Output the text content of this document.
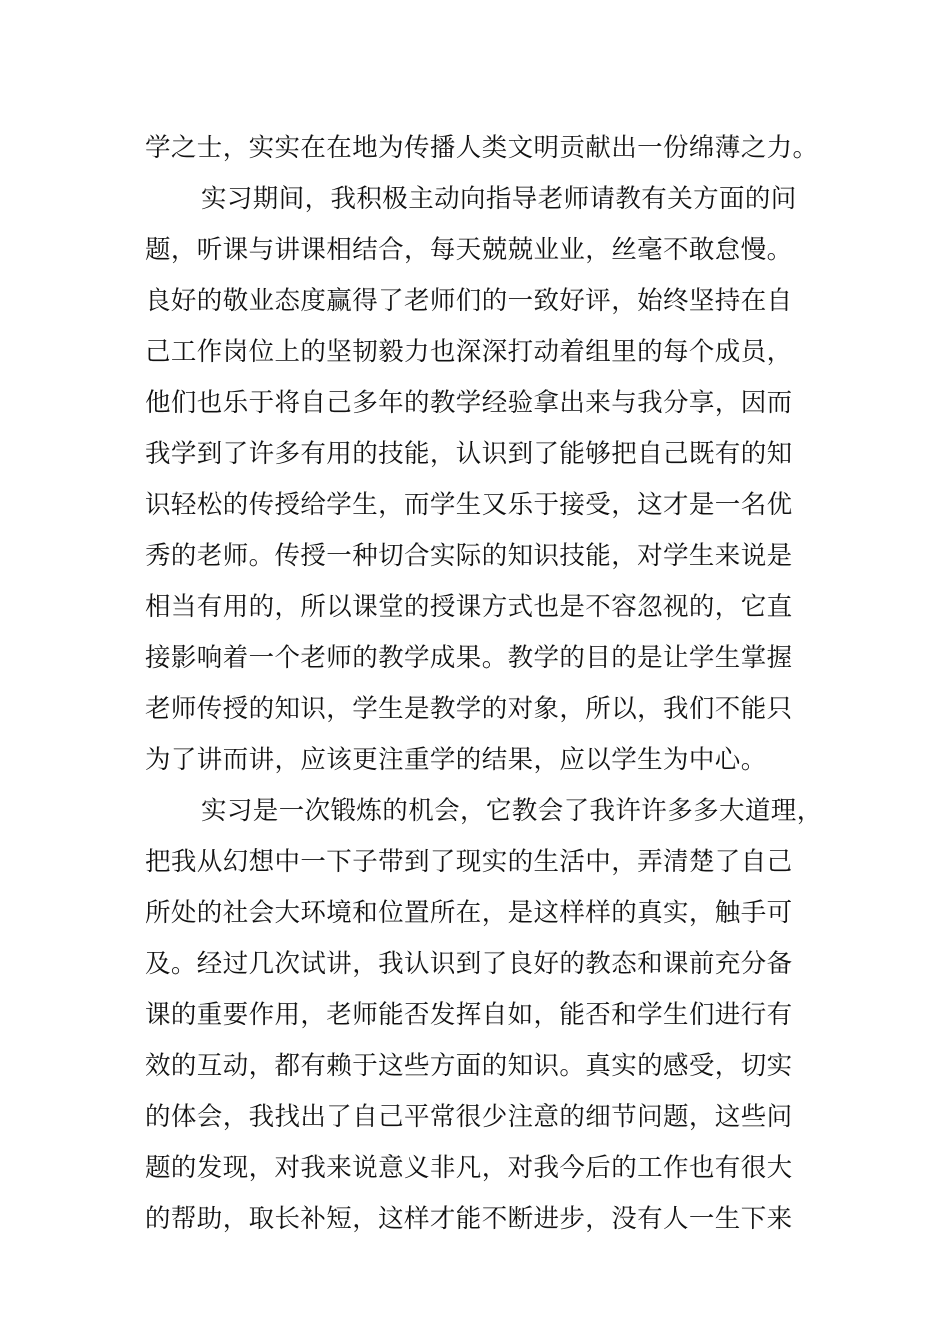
学之士，实实在在地为传播人类文明贡献出一份绵薄之力。
实习期间，我积极主动向指导老师请教有关方面的问
题，听课与讲课相结合，每天兢兢业业，丝毫不敢怠慢。
良好的敬业态度赢得了老师们的一致好评，始终坚持在自
己工作岗位上的坚韧毅力也深深打动着组里的每个成员，
他们也乐于将自己多年的教学经验拿出来与我分享，因而
我学到了许多有用的技能，认识到了能够把自己既有的知
识轻松的传授给学生，而学生又乐于接受，这才是一名优
秀的老师。传授一种切合实际的知识技能，对学生来说是
相当有用的，所以课堂的授课方式也是不容忽视的，它直
接影响着一个老师的教学成果。教学的目的是让学生掌握
老师传授的知识，学生是教学的对象，所以，我们不能只
为了讲而讲，应该更注重学的结果，应以学生为中心。
实习是一次锻炼的机会，它教会了我许许多多大道理，
把我从幻想中一下子带到了现实的生活中，弄清楚了自己
所处的社会大环境和位置所在，是这样样的真实，触手可
及。经过几次试讲，我认识到了良好的教态和课前充分备
课的重要作用，老师能否发挥自如，能否和学生们进行有
效的互动，都有赖于这些方面的知识。真实的感受，切实
的体会，我找出了自己平常很少注意的细节问题，这些问
题的发现，对我来说意义非凡，对我今后的工作也有很大
的帮助，取长补短，这样才能不断进步，没有人一生下来
